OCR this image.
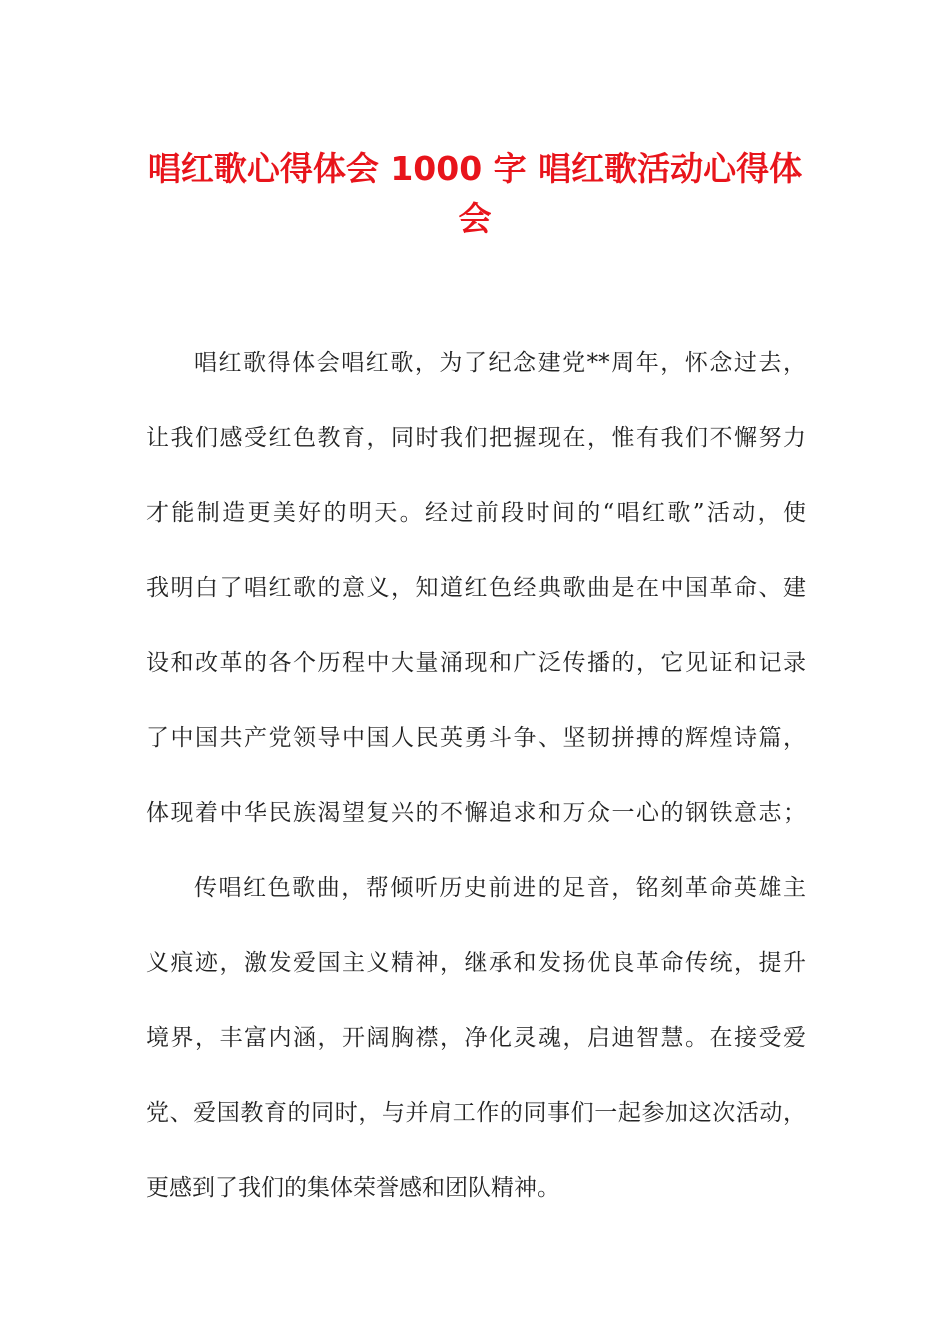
唱红歌心得体会 1000 字 唱红歌活动心得体
会
唱红歌得体会唱红歌，为了纪念建党**周年，怀念过去，
让我们感受红色教育，同时我们把握现在，惟有我们不懈努力
才能制造更美好的明天。经过前段时间的“唱红歌”活动，使
我明白了唱红歌的意义，知道红色经典歌曲是在中国革命、建
设和改革的各个历程中大量涌现和广泛传播的，它见证和记录
了中国共产党领导中国人民英勇斗争、坚韧拼搏的辉煌诗篇，
体现着中华民族渴望复兴的不懈追求和万众一心的钢铁意志；
传唱红色歌曲，帮倾听历史前进的足音，铭刻革命英雄主
义痕迹，激发爱国主义精神，继承和发扬优良革命传统，提升
境界，丰富内涵，开阔胸襟，净化灵魂，启迪智慧。在接受爱
党、爱国教育的同时，与并肩工作的同事们一起参加这次活动，
更感到了我们的集体荣誉感和团队精神。
